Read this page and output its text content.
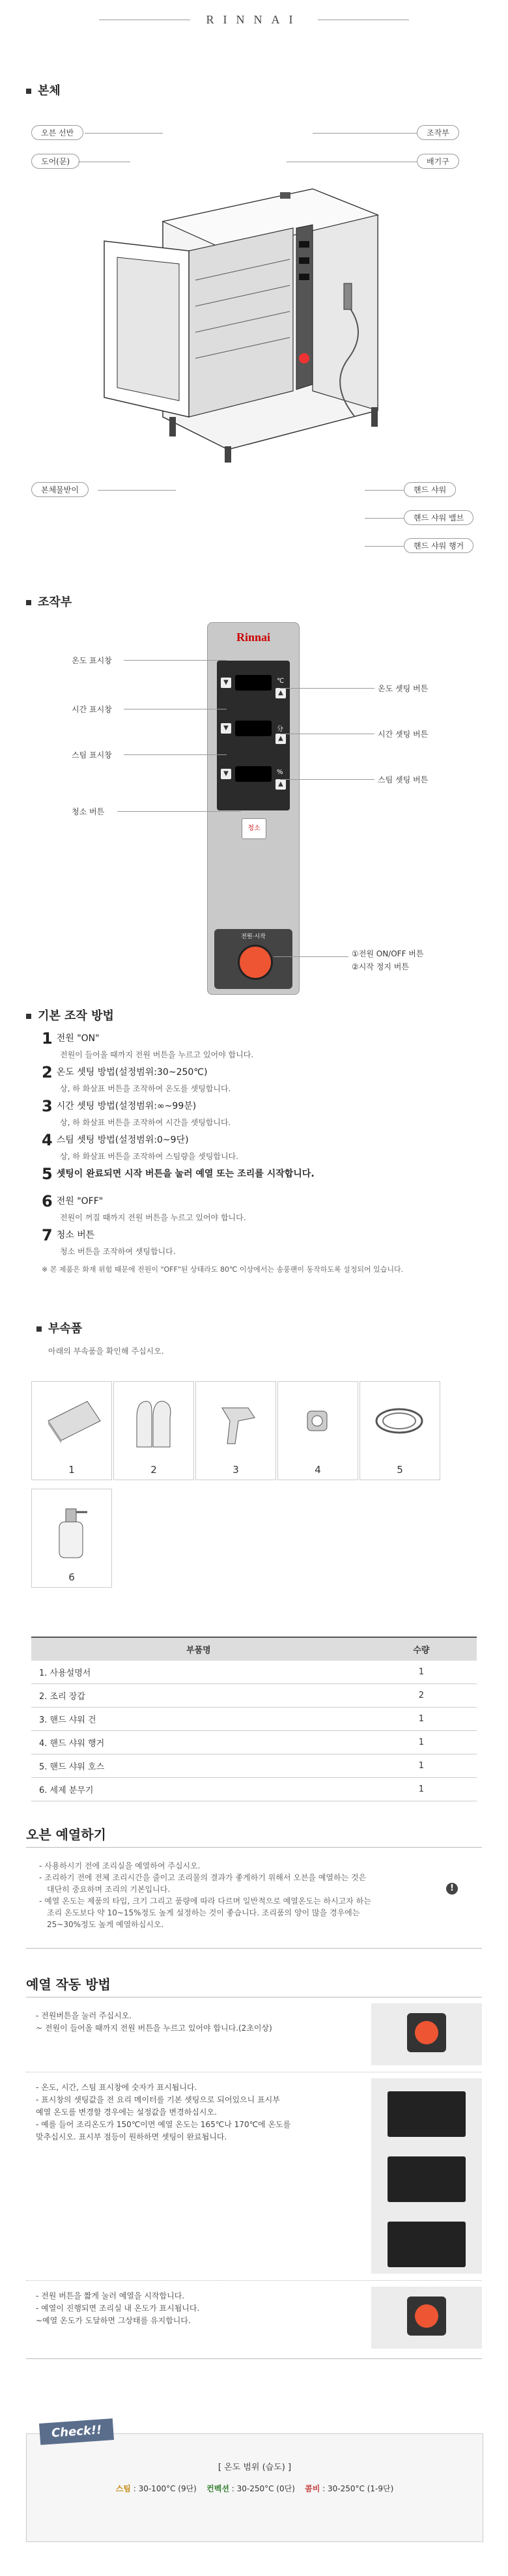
RINNAI
본체
오븐 선반
도어(문)
본체물받이
조작부
배기구
핸드 샤워
핸드 샤워 밸브
핸드 샤워 행거
조작부
Rinnai
℃
分
%
▼
▲
▼
▲
▼
▲
청소
전원·시작
온도 표시창
시간 표시창
스팀 표시창
청소 버튼
온도 셋팅 버튼
시간 셋팅 버튼
스팀 셋팅 버튼
①전원 ON/OFF 버튼
②시작 정지 버튼
기본 조작 방법
1 전원 "ON"
전원이 들어올 때까지 전원 버튼을 누르고 있어야 합니다.
2 온도 셋팅 방법(설정범위:30~250℃)
상, 하 화살표 버튼을 조작하여 온도를 셋팅합니다.
3 시간 셋팅 방법(설정범위:∞~99분)
상, 하 화살표 버튼을 조작하여 시간을 셋팅합니다.
4 스팀 셋팅 방법(설정범위:0~9단)
상, 하 화살표 버튼을 조작하여 스팀량을 셋팅합니다.
5 셋팅이 완료되면 시작 버튼을 눌러 예열 또는 조리를 시작합니다.
6 전원 "OFF"
전원이 꺼질 때까지 전원 버튼을 누르고 있어야 합니다.
7 청소 버튼
청소 버튼을 조작하여 셋팅합니다.
※ 본 제품은 화재 위험 때문에 전원이 "OFF"된 상태라도 80℃ 이상에서는 송풍팬이 동작하도록 설정되어 있습니다.
부속품
아래의 부속품을 확인해 주십시오.
1	2	3	4	5
6
부품명	수량
1. 사용설명서	1
2. 조리 장갑	2
3. 핸드 샤워 건	1
4. 핸드 샤워 행거	1
5. 핸드 샤워 호스	1
6. 세제 분무기	1
오븐 예열하기
- 사용하시기 전에 조리실을 예열하여 주십시오.
- 조리하기 전에 전체 조리시간을 줄이고 조리물의 결과가 좋게하기 위해서 오븐을 예열하는 것은
대단히 중요하며 조리의 기본입니다.
- 예열 온도는 제품의 타입, 크기 그리고 품량에 따라 다르며 일반적으로 예열온도는 하시고자 하는
조리 온도보다 약 10~15%정도 높게 설정하는 것이 좋습니다. 조리품의 양이 많을 경우에는
25~30%정도 높게 예열하십시오.
!
예열 작동 방법
- 전원버튼을 눌러 주십시오.
~ 전원이 들어올 때까지 전원 버튼을 누르고 있어야 합니다.(2초이상)
- 온도, 시간, 스팀 표시창에 숫자가 표시됩니다.
- 표시창의 셋팅값을 전 요리 메이터를 기본 셋팅으로 되어있으니 표시부
예열 온도를 변경할 경우에는 설정값을 변경하십시오.
- 예를 들어 조리온도가 150℃이면 예열 온도는 165℃나 170℃에 온도를
맞추십시오. 표시부 점등이 원하하면 셋팅이 완료됩니다.
- 전원 버튼을 짧게 눌러 예열을 시작합니다.
- 예열이 진행되면 조리실 내 온도가 표시됩니다.
~예열 온도가 도달하면 그상태를 유지합니다.
Check!!
[ 온도 범위 (습도) ]
스팀 : 30-100°C (9단) 컨벡션 : 30-250°C (0단) 콤비 : 30-250°C (1-9단)
